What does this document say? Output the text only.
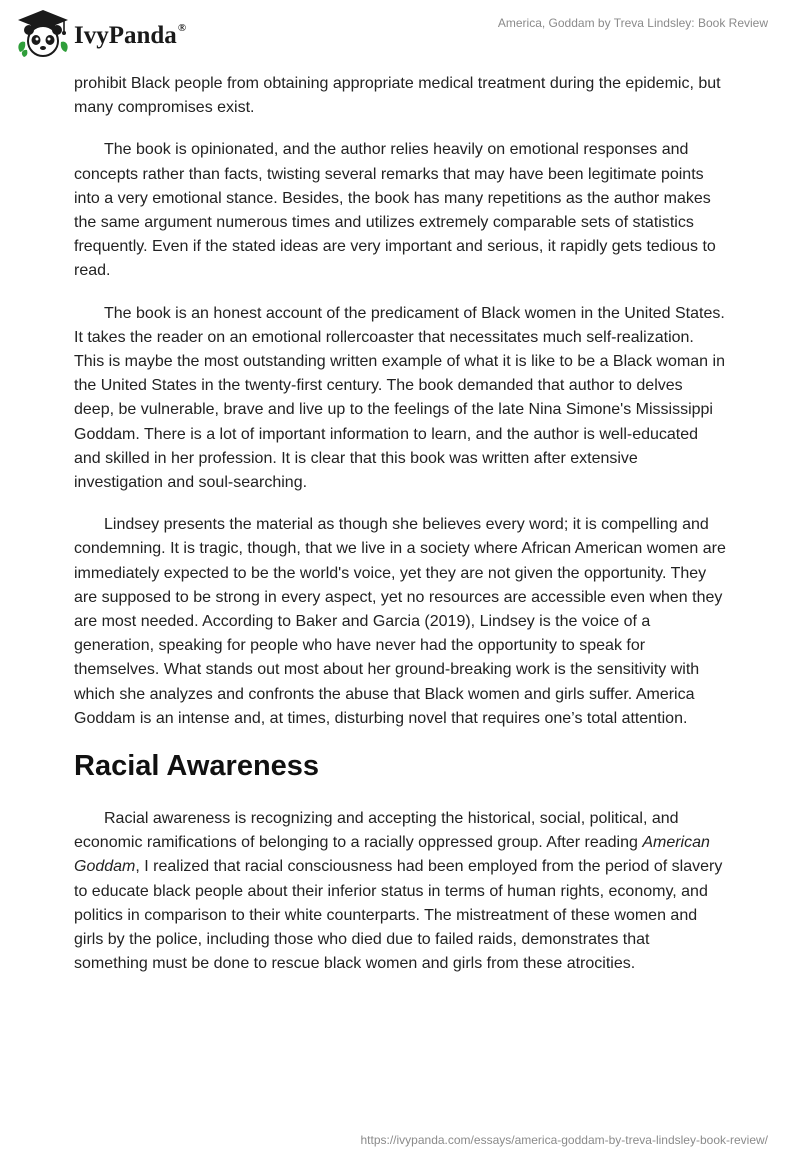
IvyPanda®	America, Goddam by Treva Lindsley: Book Review

prohibit Black people from obtaining appropriate medical treatment during the epidemic, but many compromises exist.

The book is opinionated, and the author relies heavily on emotional responses and concepts rather than facts, twisting several remarks that may have been legitimate points into a very emotional stance. Besides, the book has many repetitions as the author makes the same argument numerous times and utilizes extremely comparable sets of statistics frequently. Even if the stated ideas are very important and serious, it rapidly gets tedious to read.

The book is an honest account of the predicament of Black women in the United States. It takes the reader on an emotional rollercoaster that necessitates much self-realization. This is maybe the most outstanding written example of what it is like to be a Black woman in the United States in the twenty-first century. The book demanded that author to delves deep, be vulnerable, brave and live up to the feelings of the late Nina Simone's Mississippi Goddam. There is a lot of important information to learn, and the author is well-educated and skilled in her profession. It is clear that this book was written after extensive investigation and soul-searching.

Lindsey presents the material as though she believes every word; it is compelling and condemning. It is tragic, though, that we live in a society where African American women are immediately expected to be the world's voice, yet they are not given the opportunity. They are supposed to be strong in every aspect, yet no resources are accessible even when they are most needed. According to Baker and Garcia (2019), Lindsey is the voice of a generation, speaking for people who have never had the opportunity to speak for themselves. What stands out most about her ground-breaking work is the sensitivity with which she analyzes and confronts the abuse that Black women and girls suffer. America Goddam is an intense and, at times, disturbing novel that requires one’s total attention.

Racial Awareness

Racial awareness is recognizing and accepting the historical, social, political, and economic ramifications of belonging to a racially oppressed group. After reading American Goddam, I realized that racial consciousness had been employed from the period of slavery to educate black people about their inferior status in terms of human rights, economy, and politics in comparison to their white counterparts. The mistreatment of these women and girls by the police, including those who died due to failed raids, demonstrates that something must be done to rescue black women and girls from these atrocities.

https://ivypanda.com/essays/america-goddam-by-treva-lindsley-book-review/
